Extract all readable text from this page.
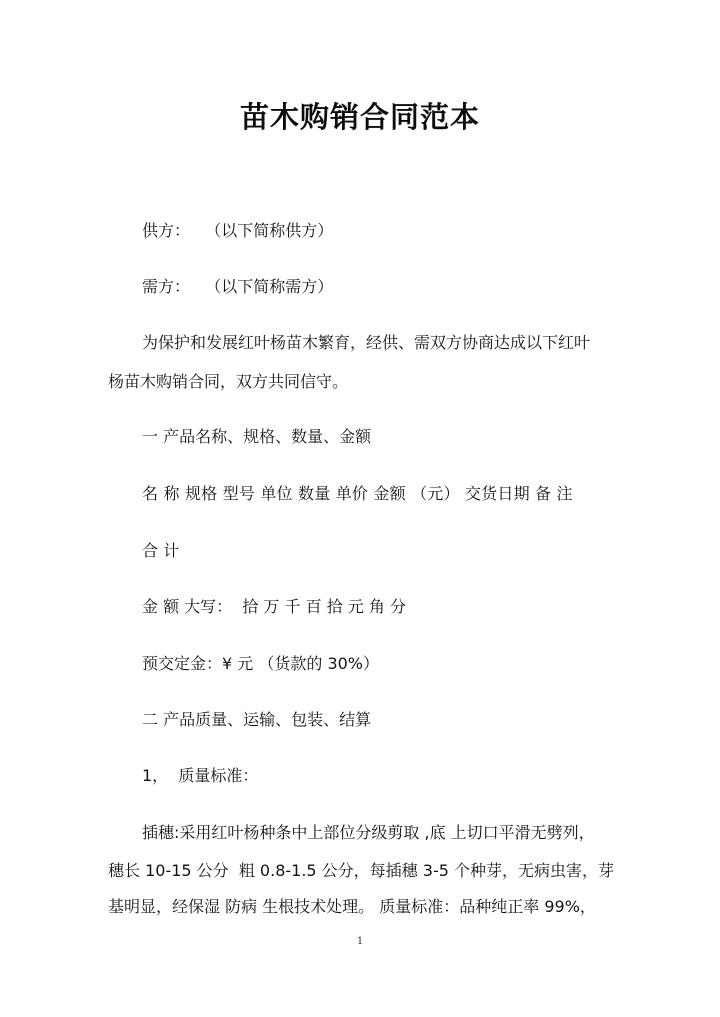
苗木购销合同范本
供方：   （以下简称供方）
需方：   （以下简称需方）
为保护和发展红叶杨苗木繁育，经供、需双方协商达成以下红叶
杨苗木购销合同，双方共同信守。
一 产品名称、规格、数量、金额
名 称 规格 型号 单位 数量 单价 金额 （元） 交货日期 备 注
合 计
金 额 大写：  拾 万 千 百 拾 元 角 分
预交定金：¥ 元 （货款的 30%）
二 产品质量、运输、包装、结算
1，  质量标准：
插穗:采用红叶杨种条中上部位分级剪取 ,底 上切口平滑无劈列，
穗长 10-15 公分  粗 0.8-1.5 公分，每插穗 3-5 个种芽，无病虫害，芽
基明显，经保湿 防病 生根技术处理。 质量标准：品种纯正率 99%，
1
